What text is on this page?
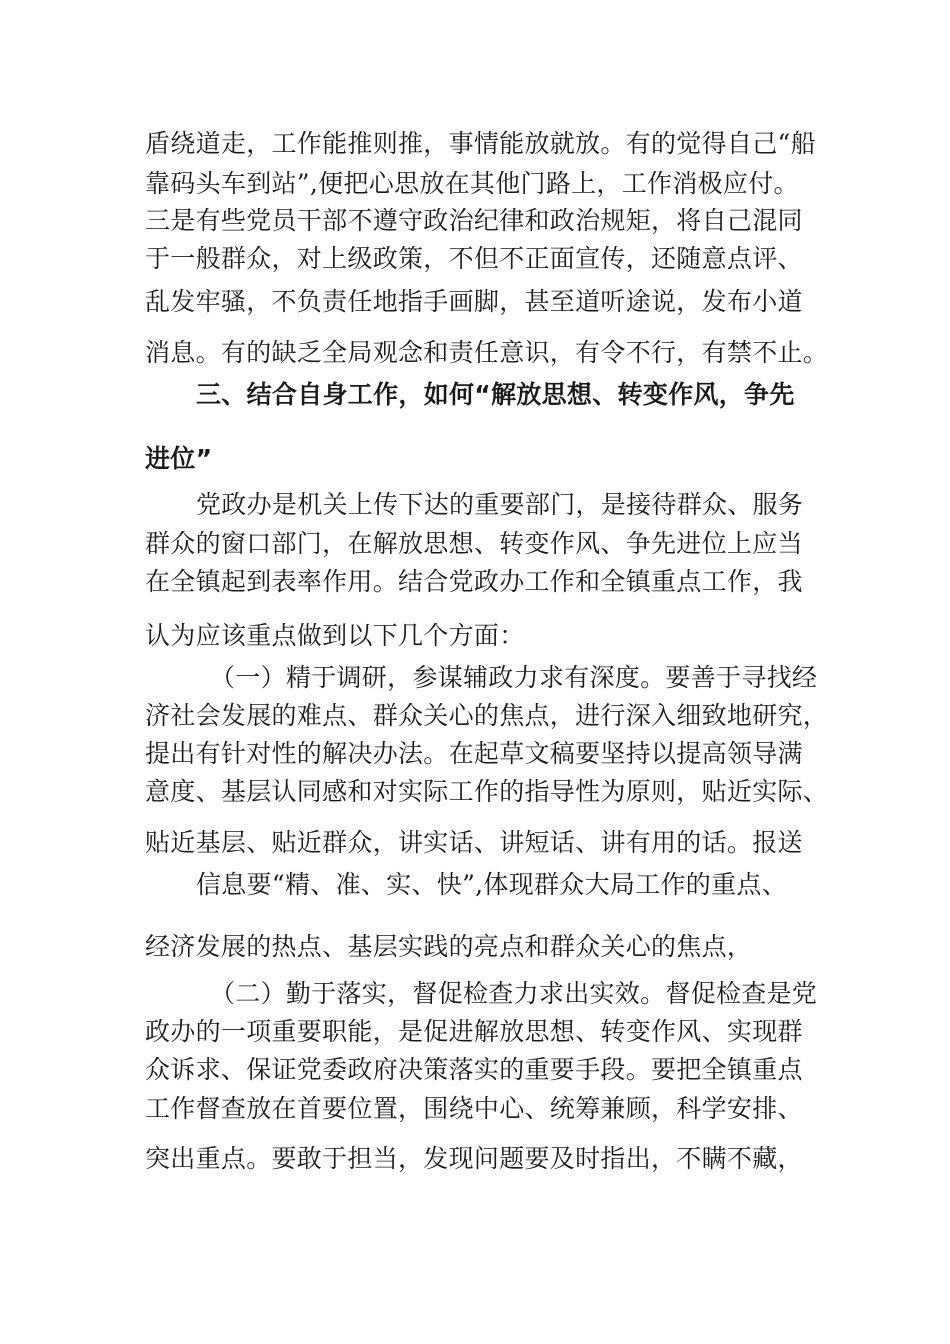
盾绕道走，工作能推则推，事情能放就放。有的觉得自己“船
靠码头车到站”,便把心思放在其他门路上，工作消极应付。
三是有些党员干部不遵守政治纪律和政治规矩，将自己混同
于一般群众，对上级政策，不但不正面宣传，还随意点评、
乱发牢骚，不负责任地指手画脚，甚至道听途说，发布小道
消息。有的缺乏全局观念和责任意识，有令不行，有禁不止。
三、结合自身工作，如何“解放思想、转变作风，争先
进位”
党政办是机关上传下达的重要部门，是接待群众、服务
群众的窗口部门，在解放思想、转变作风、争先进位上应当
在全镇起到表率作用。结合党政办工作和全镇重点工作，我
认为应该重点做到以下几个方面：
（一）精于调研，参谋辅政力求有深度。要善于寻找经
济社会发展的难点、群众关心的焦点，进行深入细致地研究，
提出有针对性的解决办法。在起草文稿要坚持以提高领导满
意度、基层认同感和对实际工作的指导性为原则，贴近实际、
贴近基层、贴近群众，讲实话、讲短话、讲有用的话。报送
信息要“精、准、实、快”,体现群众大局工作的重点、
经济发展的热点、基层实践的亮点和群众关心的焦点，
（二）勤于落实，督促检查力求出实效。督促检查是党
政办的一项重要职能，是促进解放思想、转变作风、实现群
众诉求、保证党委政府决策落实的重要手段。要把全镇重点
工作督查放在首要位置，围绕中心、统筹兼顾，科学安排、
突出重点。要敢于担当，发现问题要及时指出，不瞒不藏，
